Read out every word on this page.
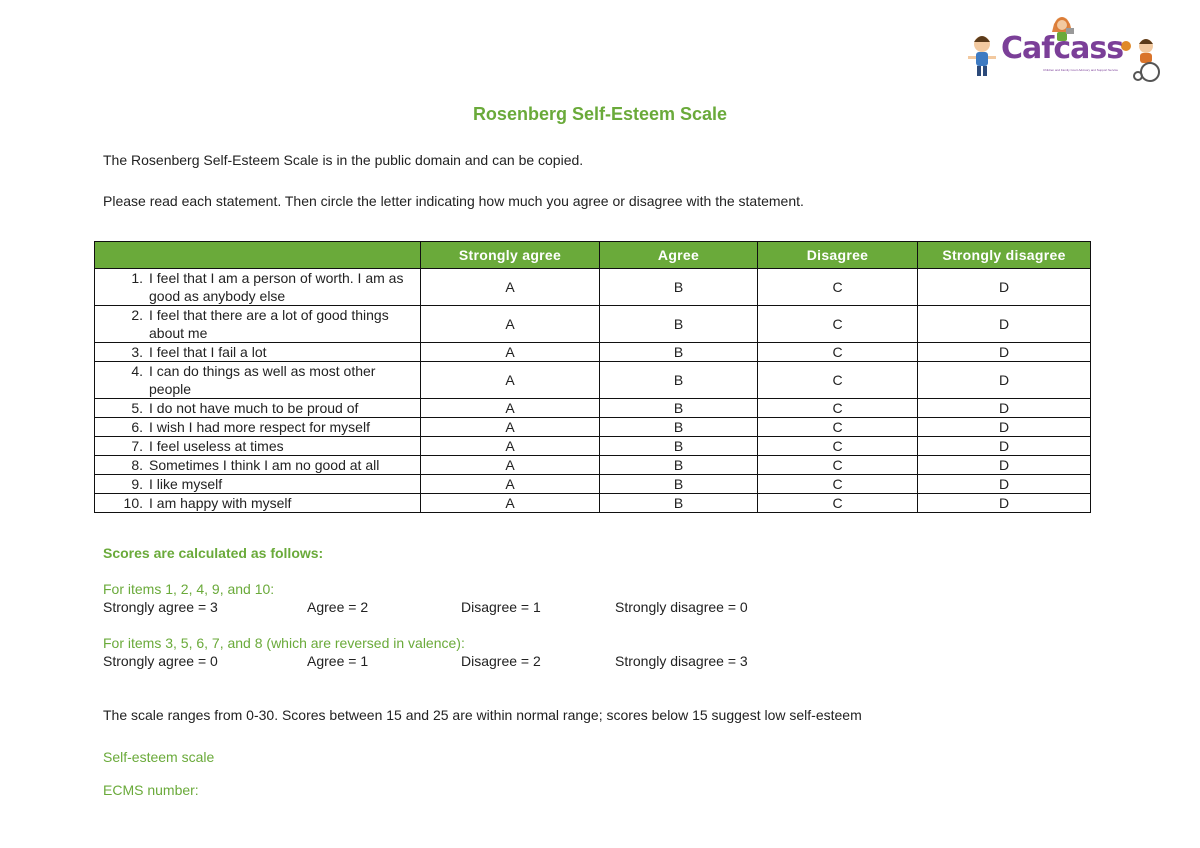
Cafcass
Children and Family Court Advisory and Support Service
Rosenberg Self-Esteem Scale
The Rosenberg Self-Esteem Scale is in the public domain and can be copied.
Please read each statement. Then circle the letter indicating how much you agree or disagree with the statement.
	Strongly agree	Agree	Disagree	Strongly disagree

1. I feel that I am a person of worth. I am as good as anybody else	A	B	C	D

2. I feel that there are a lot of good things about me	A	B	C	D

3. I feel that I fail a lot	A	B	C	D

4. I can do things as well as most other people	A	B	C	D

5. I do not have much to be proud of	A	B	C	D

6. I wish I had more respect for myself	A	B	C	D

7. I feel useless at times	A	B	C	D

8. Sometimes I think I am no good at all	A	B	C	D

9. I like myself	A	B	C	D

10. I am happy with myself	A	B	C	D
Scores are calculated as follows:
For items 1, 2, 4, 9, and 10:
Strongly agree = 3	Agree = 2	Disagree = 1	Strongly disagree = 0
For items 3, 5, 6, 7, and 8 (which are reversed in valence):
Strongly agree = 0	Agree = 1	Disagree = 2	Strongly disagree = 3
The scale ranges from 0-30. Scores between 15 and 25 are within normal range; scores below 15 suggest low self-esteem
Self-esteem scale
ECMS number:
